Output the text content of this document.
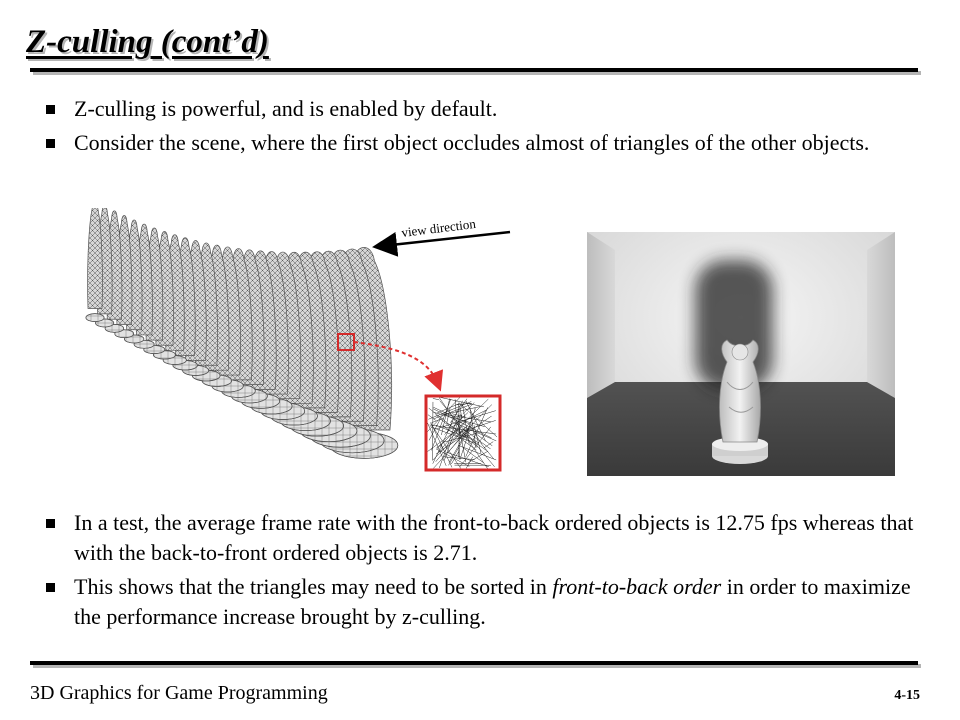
Z-culling (cont’d)
Z-culling is powerful, and is enabled by default.
Consider the scene, where the first object occludes almost of triangles of the other objects.
view direction
In a test, the average frame rate with the front-to-back ordered objects is 12.75 fps whereas that with the back-to-front ordered objects is 2.71.
This shows that the triangles may need to be sorted in front-to-back order in order to maximize the performance increase brought by z-culling.
3D Graphics for Game Programming	4-15
